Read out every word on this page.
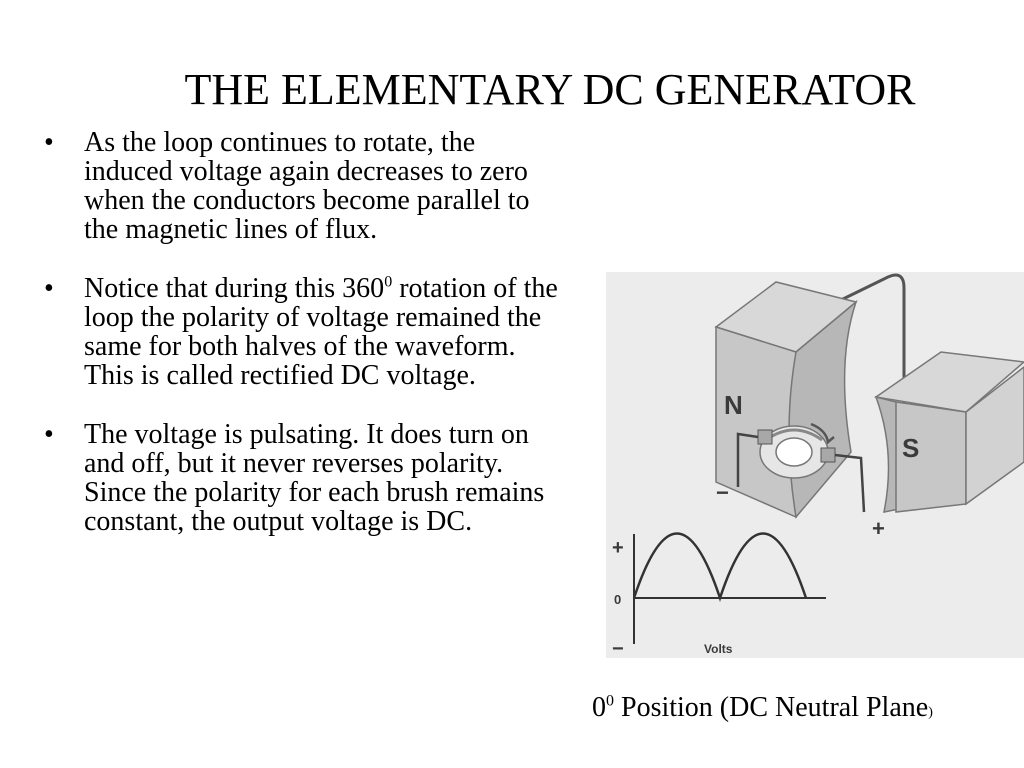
THE ELEMENTARY DC GENERATOR
• As the loop continues to rotate, the induced voltage again decreases to zero when the conductors become parallel to the magnetic lines of flux.
• Notice that during this $360^0$ rotation of the loop the polarity of voltage remained the same for both halves of the waveform. This is called rectified DC voltage.
• The voltage is pulsating. It does turn on and off, but it never reverses polarity. Since the polarity for each brush remains constant, the output voltage is DC.
N
S
−
+
+
0
−	Volts
$0^0$ Position (DC Neutral Plane)
